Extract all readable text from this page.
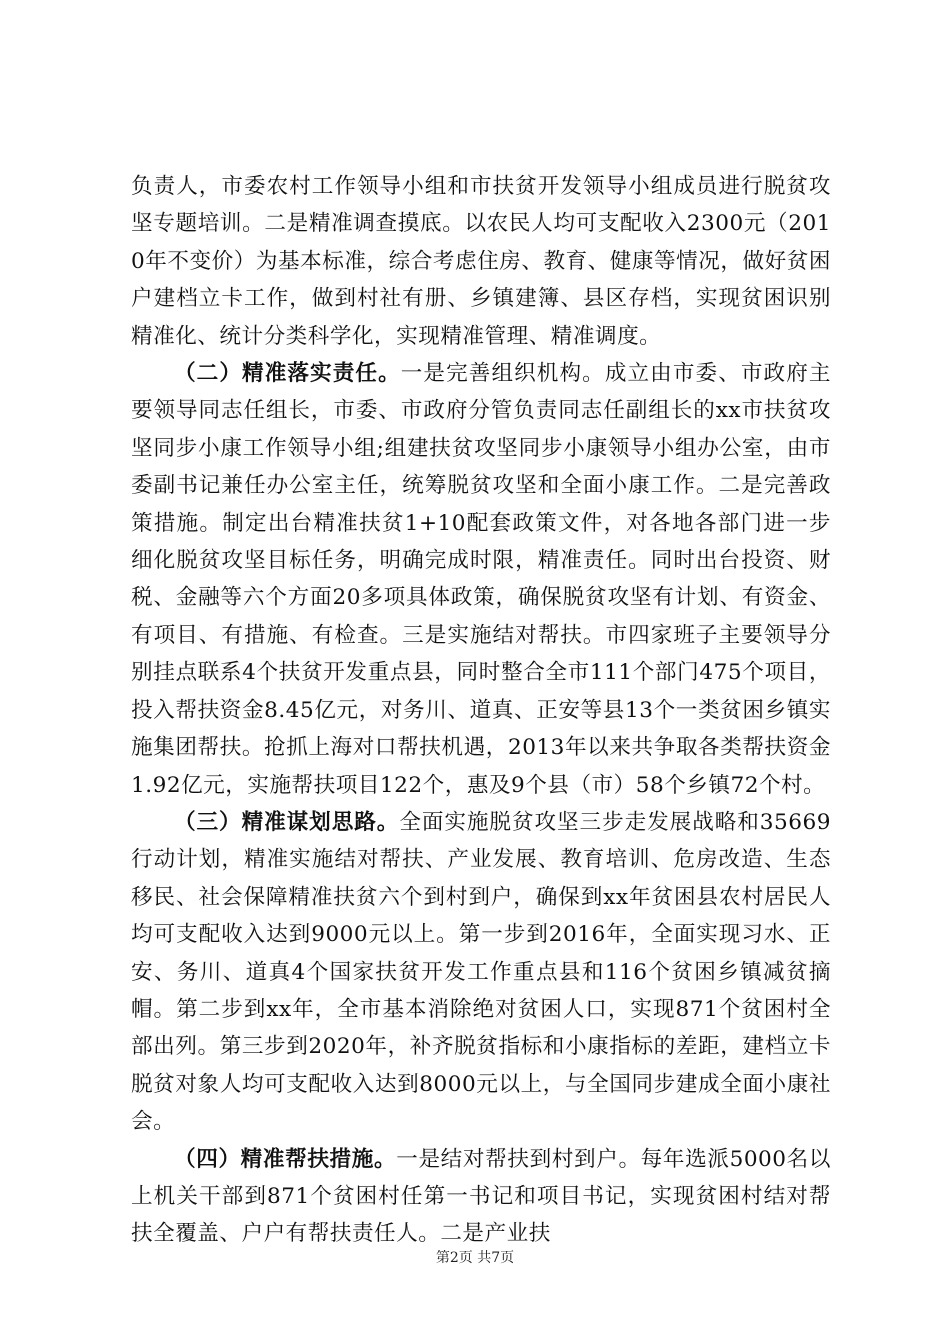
负责人，市委农村工作领导小组和市扶贫开发领导小组成员进行脱贫攻坚专题培训。二是精准调查摸底。以农民人均可支配收入2300元（2010年不变价）为基本标准，综合考虑住房、教育、健康等情况，做好贫困户建档立卡工作，做到村社有册、乡镇建簿、县区存档，实现贫困识别精准化、统计分类科学化，实现精准管理、精准调度。

（二）精准落实责任。一是完善组织机构。成立由市委、市政府主要领导同志任组长，市委、市政府分管负责同志任副组长的xx市扶贫攻坚同步小康工作领导小组;组建扶贫攻坚同步小康领导小组办公室，由市委副书记兼任办公室主任，统筹脱贫攻坚和全面小康工作。二是完善政策措施。制定出台精准扶贫1+10配套政策文件，对各地各部门进一步细化脱贫攻坚目标任务，明确完成时限，精准责任。同时出台投资、财税、金融等六个方面20多项具体政策，确保脱贫攻坚有计划、有资金、有项目、有措施、有检查。三是实施结对帮扶。市四家班子主要领导分别挂点联系4个扶贫开发重点县，同时整合全市111个部门475个项目，投入帮扶资金8.45亿元，对务川、道真、正安等县13个一类贫困乡镇实施集团帮扶。抢抓上海对口帮扶机遇，2013年以来共争取各类帮扶资金1.92亿元，实施帮扶项目122个，惠及9个县（市）58个乡镇72个村。

（三）精准谋划思路。全面实施脱贫攻坚三步走发展战略和35669行动计划，精准实施结对帮扶、产业发展、教育培训、危房改造、生态移民、社会保障精准扶贫六个到村到户，确保到xx年贫困县农村居民人均可支配收入达到9000元以上。第一步到2016年，全面实现习水、正安、务川、道真4个国家扶贫开发工作重点县和116个贫困乡镇减贫摘帽。第二步到xx年，全市基本消除绝对贫困人口，实现871个贫困村全部出列。第三步到2020年，补齐脱贫指标和小康指标的差距，建档立卡脱贫对象人均可支配收入达到8000元以上，与全国同步建成全面小康社会。

（四）精准帮扶措施。一是结对帮扶到村到户。每年选派5000名以上机关干部到871个贫困村任第一书记和项目书记，实现贫困村结对帮扶全覆盖、户户有帮扶责任人。二是产业扶

第2页 共7页
